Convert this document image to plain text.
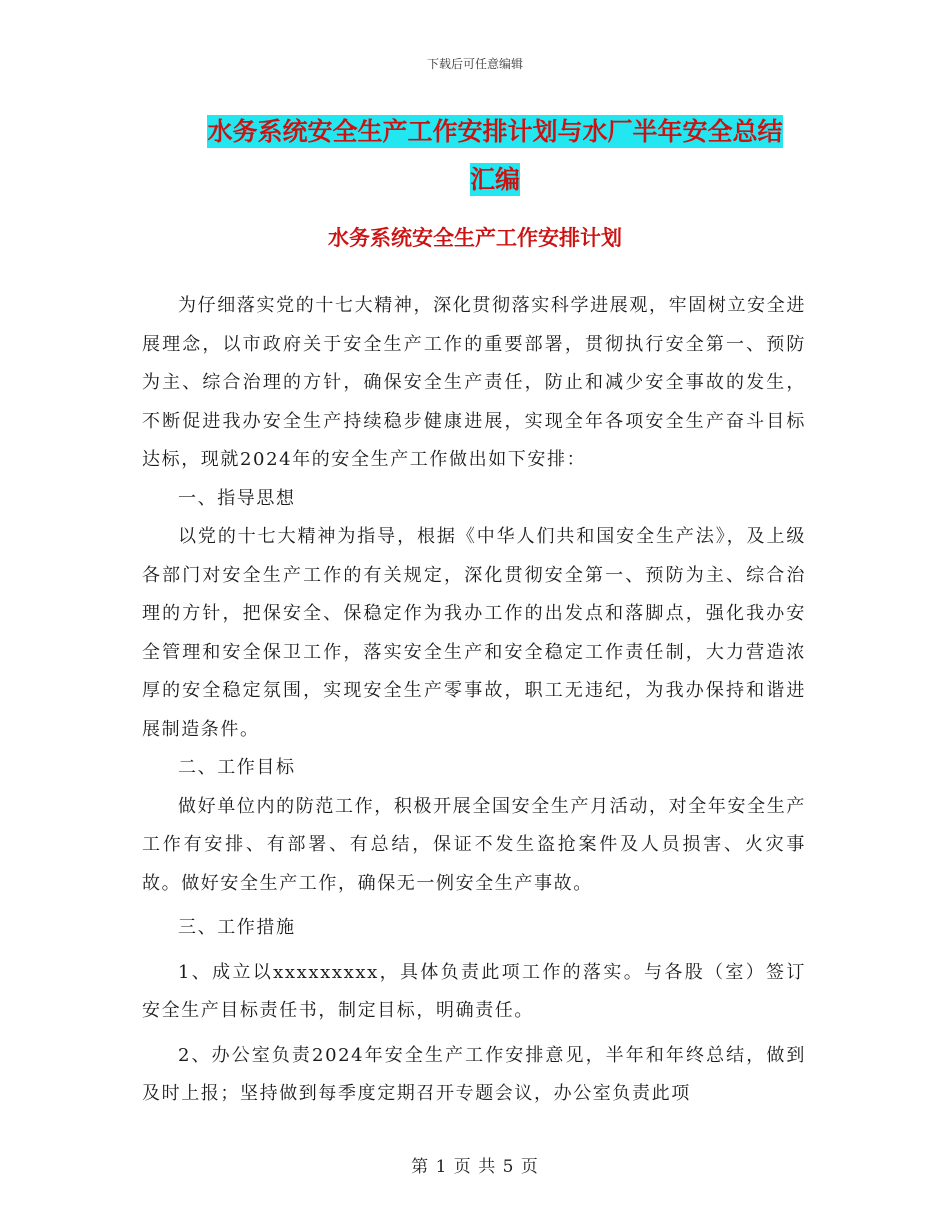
下载后可任意编辑
水务系统安全生产工作安排计划与水厂半年安全总结
汇编
水务系统安全生产工作安排计划

为仔细落实党的十七大精神，深化贯彻落实科学进展观，牢固树立安全进展理念，以市政府关于安全生产工作的重要部署，贯彻执行安全第一、预防为主、综合治理的方针，确保安全生产责任，防止和减少安全事故的发生，不断促进我办安全生产持续稳步健康进展，实现全年各项安全生产奋斗目标达标，现就2024年的安全生产工作做出如下安排：

一、指导思想

以党的十七大精神为指导，根据《中华人们共和国安全生产法》，及上级各部门对安全生产工作的有关规定，深化贯彻安全第一、预防为主、综合治理的方针，把保安全、保稳定作为我办工作的出发点和落脚点，强化我办安全管理和安全保卫工作，落实安全生产和安全稳定工作责任制，大力营造浓厚的安全稳定氛围，实现安全生产零事故，职工无违纪，为我办保持和谐进展制造条件。

二、工作目标

做好单位内的防范工作，积极开展全国安全生产月活动，对全年安全生产工作有安排、有部署、有总结，保证不发生盗抢案件及人员损害、火灾事故。做好安全生产工作，确保无一例安全生产事故。

三、工作措施

1、成立以xxxxxxxxx，具体负责此项工作的落实。与各股（室）签订安全生产目标责任书，制定目标，明确责任。

2、办公室负责2024年安全生产工作安排意见，半年和年终总结，做到及时上报；坚持做到每季度定期召开专题会议，办公室负责此项

第 1 页 共 5 页
